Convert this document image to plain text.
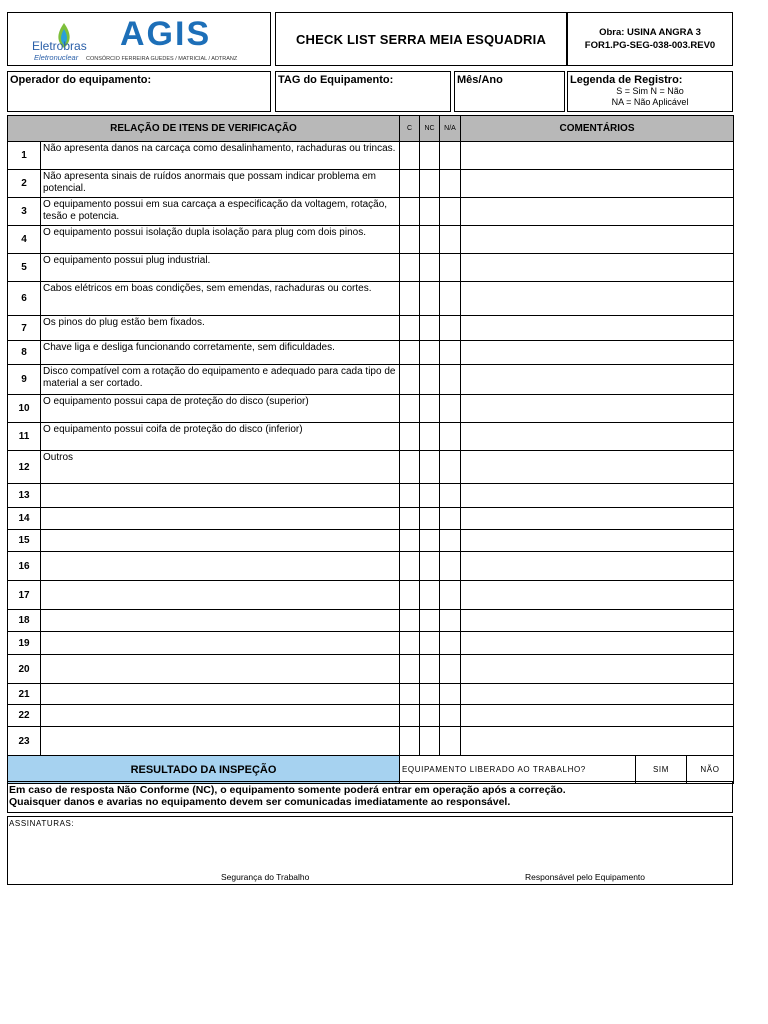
Eletrobras
Eletronuclear
AGIS
CONSÓRCIO FERREIRA GUEDES / MATRICIAL / ADTRANZ
CHECK LIST SERRA MEIA ESQUADRIA	Obra: USINA ANGRA 3
FOR1.PG-SEG-038-003.REV0
Operador do equipamento:	TAG do Equipamento:	Mês/Ano	Legenda de Registro:
S = Sim N = Não
NA = Não Aplicável
RELAÇÃO DE ITENS DE VERIFICAÇÃO		C	NC	N/A	COMENTÁRIOS
1	Não apresenta danos na carcaça como desalinhamento, rachaduras ou trincas.				
2	Não apresenta sinais de ruídos anormais que possam indicar problema em potencial.				
3	O equipamento possui em sua carcaça a especificação da voltagem, rotação, tesão e potencia.				
4	O equipamento possui isolação dupla isolação para plug com dois pinos.				
5	O equipamento possui plug industrial.				
6	Cabos elétricos em boas condições, sem emendas, rachaduras ou cortes.				
7	Os pinos do plug estão bem fixados.				
8	Chave liga e desliga funcionando corretamente, sem dificuldades.				
9	Disco compatível com a rotação do equipamento e adequado para cada tipo de material a ser cortado.				
10	O equipamento possui capa de proteção do disco (superior)				
11	O equipamento possui coifa de proteção do disco (inferior)				
12	Outros				
13					
14					
15					
16					
17					
18					
19					
20					
21					
22					
23					
RESULTADO DA INSPEÇÃO		EQUIPAMENTO LIBERADO AO TRABALHO? SIM NÃO			
Em caso de resposta Não Conforme (NC), o equipamento somente poderá entrar em operação após a correção.
Quaisquer danos e avarias no equipamento devem ser comunicadas imediatamente ao responsável.
ASSINATURAS:
Segurança do Trabalho	Responsável pelo Equipamento
